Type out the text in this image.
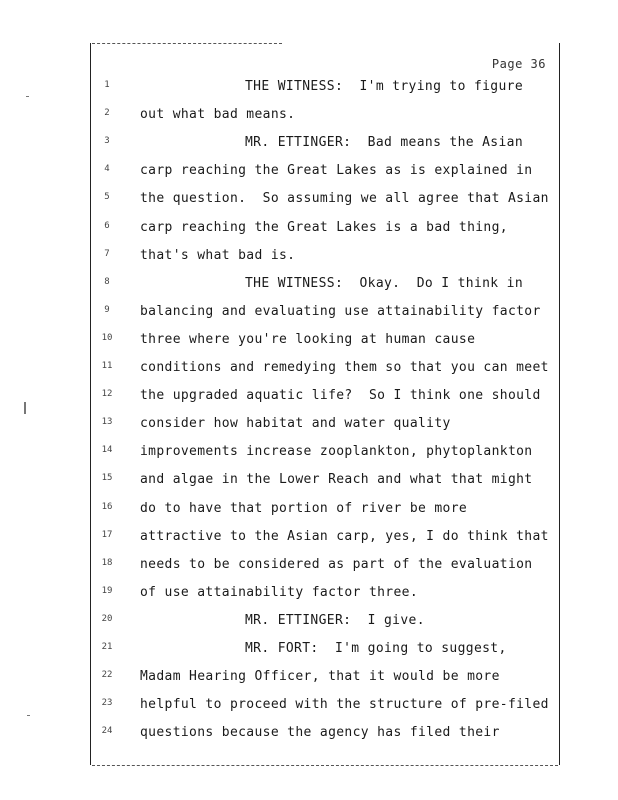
Page 36
1	THE WITNESS:  I'm trying to figure
2	out what bad means.
3	MR. ETTINGER:  Bad means the Asian
4	carp reaching the Great Lakes as is explained in
5	the question.  So assuming we all agree that Asian
6	carp reaching the Great Lakes is a bad thing,
7	that's what bad is.
8	THE WITNESS:  Okay.  Do I think in
9	balancing and evaluating use attainability factor
10	three where you're looking at human cause
11	conditions and remedying them so that you can meet
12	the upgraded aquatic life?  So I think one should
13	consider how habitat and water quality
14	improvements increase zooplankton, phytoplankton
15	and algae in the Lower Reach and what that might
16	do to have that portion of river be more
17	attractive to the Asian carp, yes, I do think that
18	needs to be considered as part of the evaluation
19	of use attainability factor three.
20	MR. ETTINGER:  I give.
21	MR. FORT:  I'm going to suggest,
22	Madam Hearing Officer, that it would be more
23	helpful to proceed with the structure of pre-filed
24	questions because the agency has filed their
